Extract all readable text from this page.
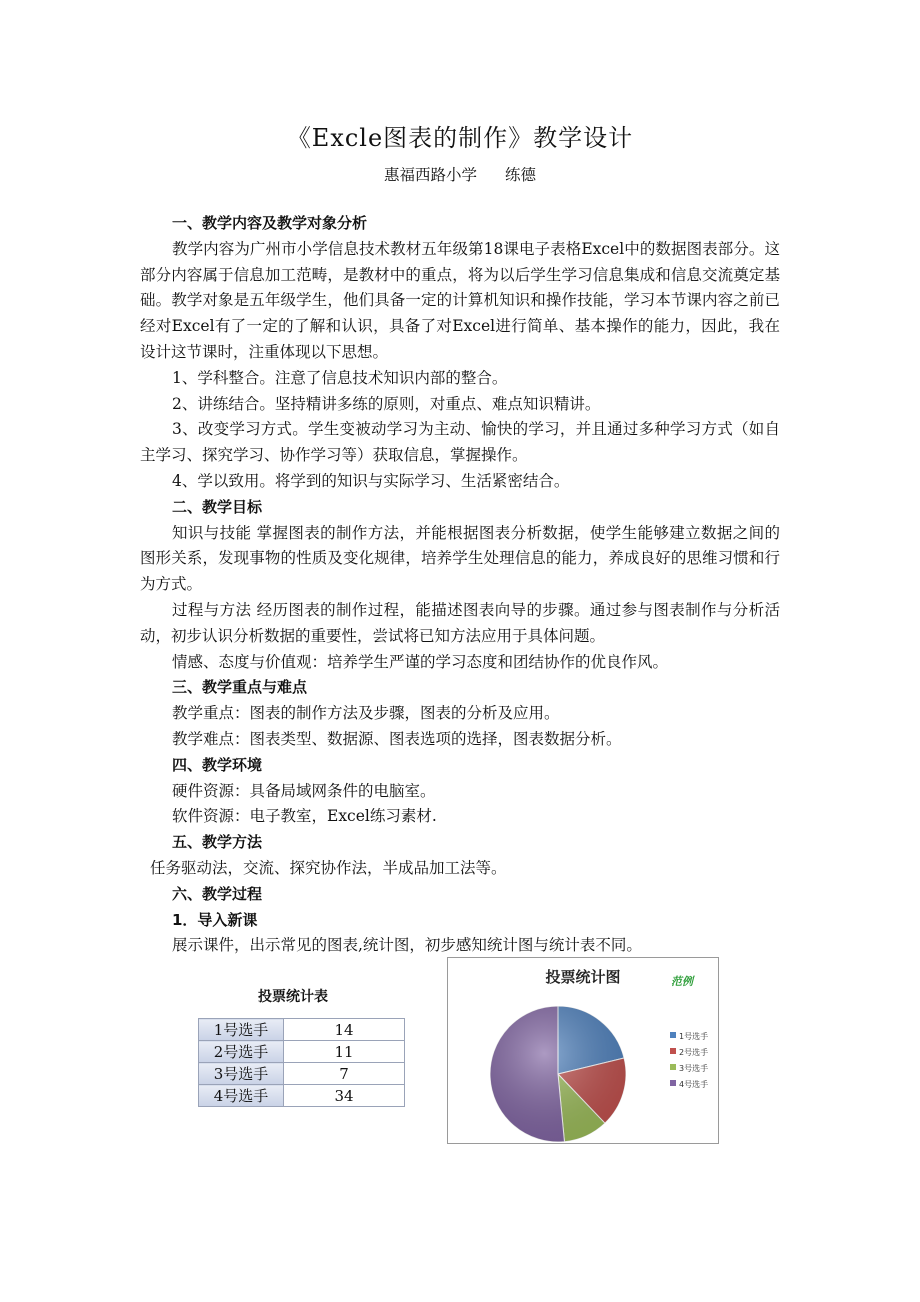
《Excle图表的制作》教学设计
惠福西路小学 练德

一、教学内容及教学对象分析

教学内容为广州市小学信息技术教材五年级第18课电子表格Excel中的数据图表部分。这部分内容属于信息加工范畴，是教材中的重点，将为以后学生学习信息集成和信息交流奠定基础。教学对象是五年级学生，他们具备一定的计算机知识和操作技能，学习本节课内容之前已经对Excel有了一定的了解和认识，具备了对Excel进行简单、基本操作的能力，因此，我在设计这节课时，注重体现以下思想。

1、学科整合。注意了信息技术知识内部的整合。

2、讲练结合。坚持精讲多练的原则，对重点、难点知识精讲。

3、改变学习方式。学生变被动学习为主动、愉快的学习，并且通过多种学习方式（如自主学习、探究学习、协作学习等）获取信息，掌握操作。

4、学以致用。将学到的知识与实际学习、生活紧密结合。

二、教学目标

知识与技能 掌握图表的制作方法，并能根据图表分析数据，使学生能够建立数据之间的图形关系，发现事物的性质及变化规律，培养学生处理信息的能力，养成良好的思维习惯和行为方式。

过程与方法 经历图表的制作过程，能描述图表向导的步骤。通过参与图表制作与分析活动，初步认识分析数据的重要性，尝试将已知方法应用于具体问题。

情感、态度与价值观：培养学生严谨的学习态度和团结协作的优良作风。

三、教学重点与难点

教学重点：图表的制作方法及步骤，图表的分析及应用。

教学难点：图表类型、数据源、图表选项的选择，图表数据分析。

四、教学环境

硬件资源：具备局域网条件的电脑室。

软件资源：电子教室，Excel练习素材.

五、教学方法

任务驱动法，交流、探究协作法，半成品加工法等。

六、教学过程

1．导入新课

展示课件，出示常见的图表,统计图，初步感知统计图与统计表不同。

投票统计表
1号选手	14
2号选手	11
3号选手	7
4号选手	34
投票统计图	范例
1号选手
2号选手
3号选手
4号选手
